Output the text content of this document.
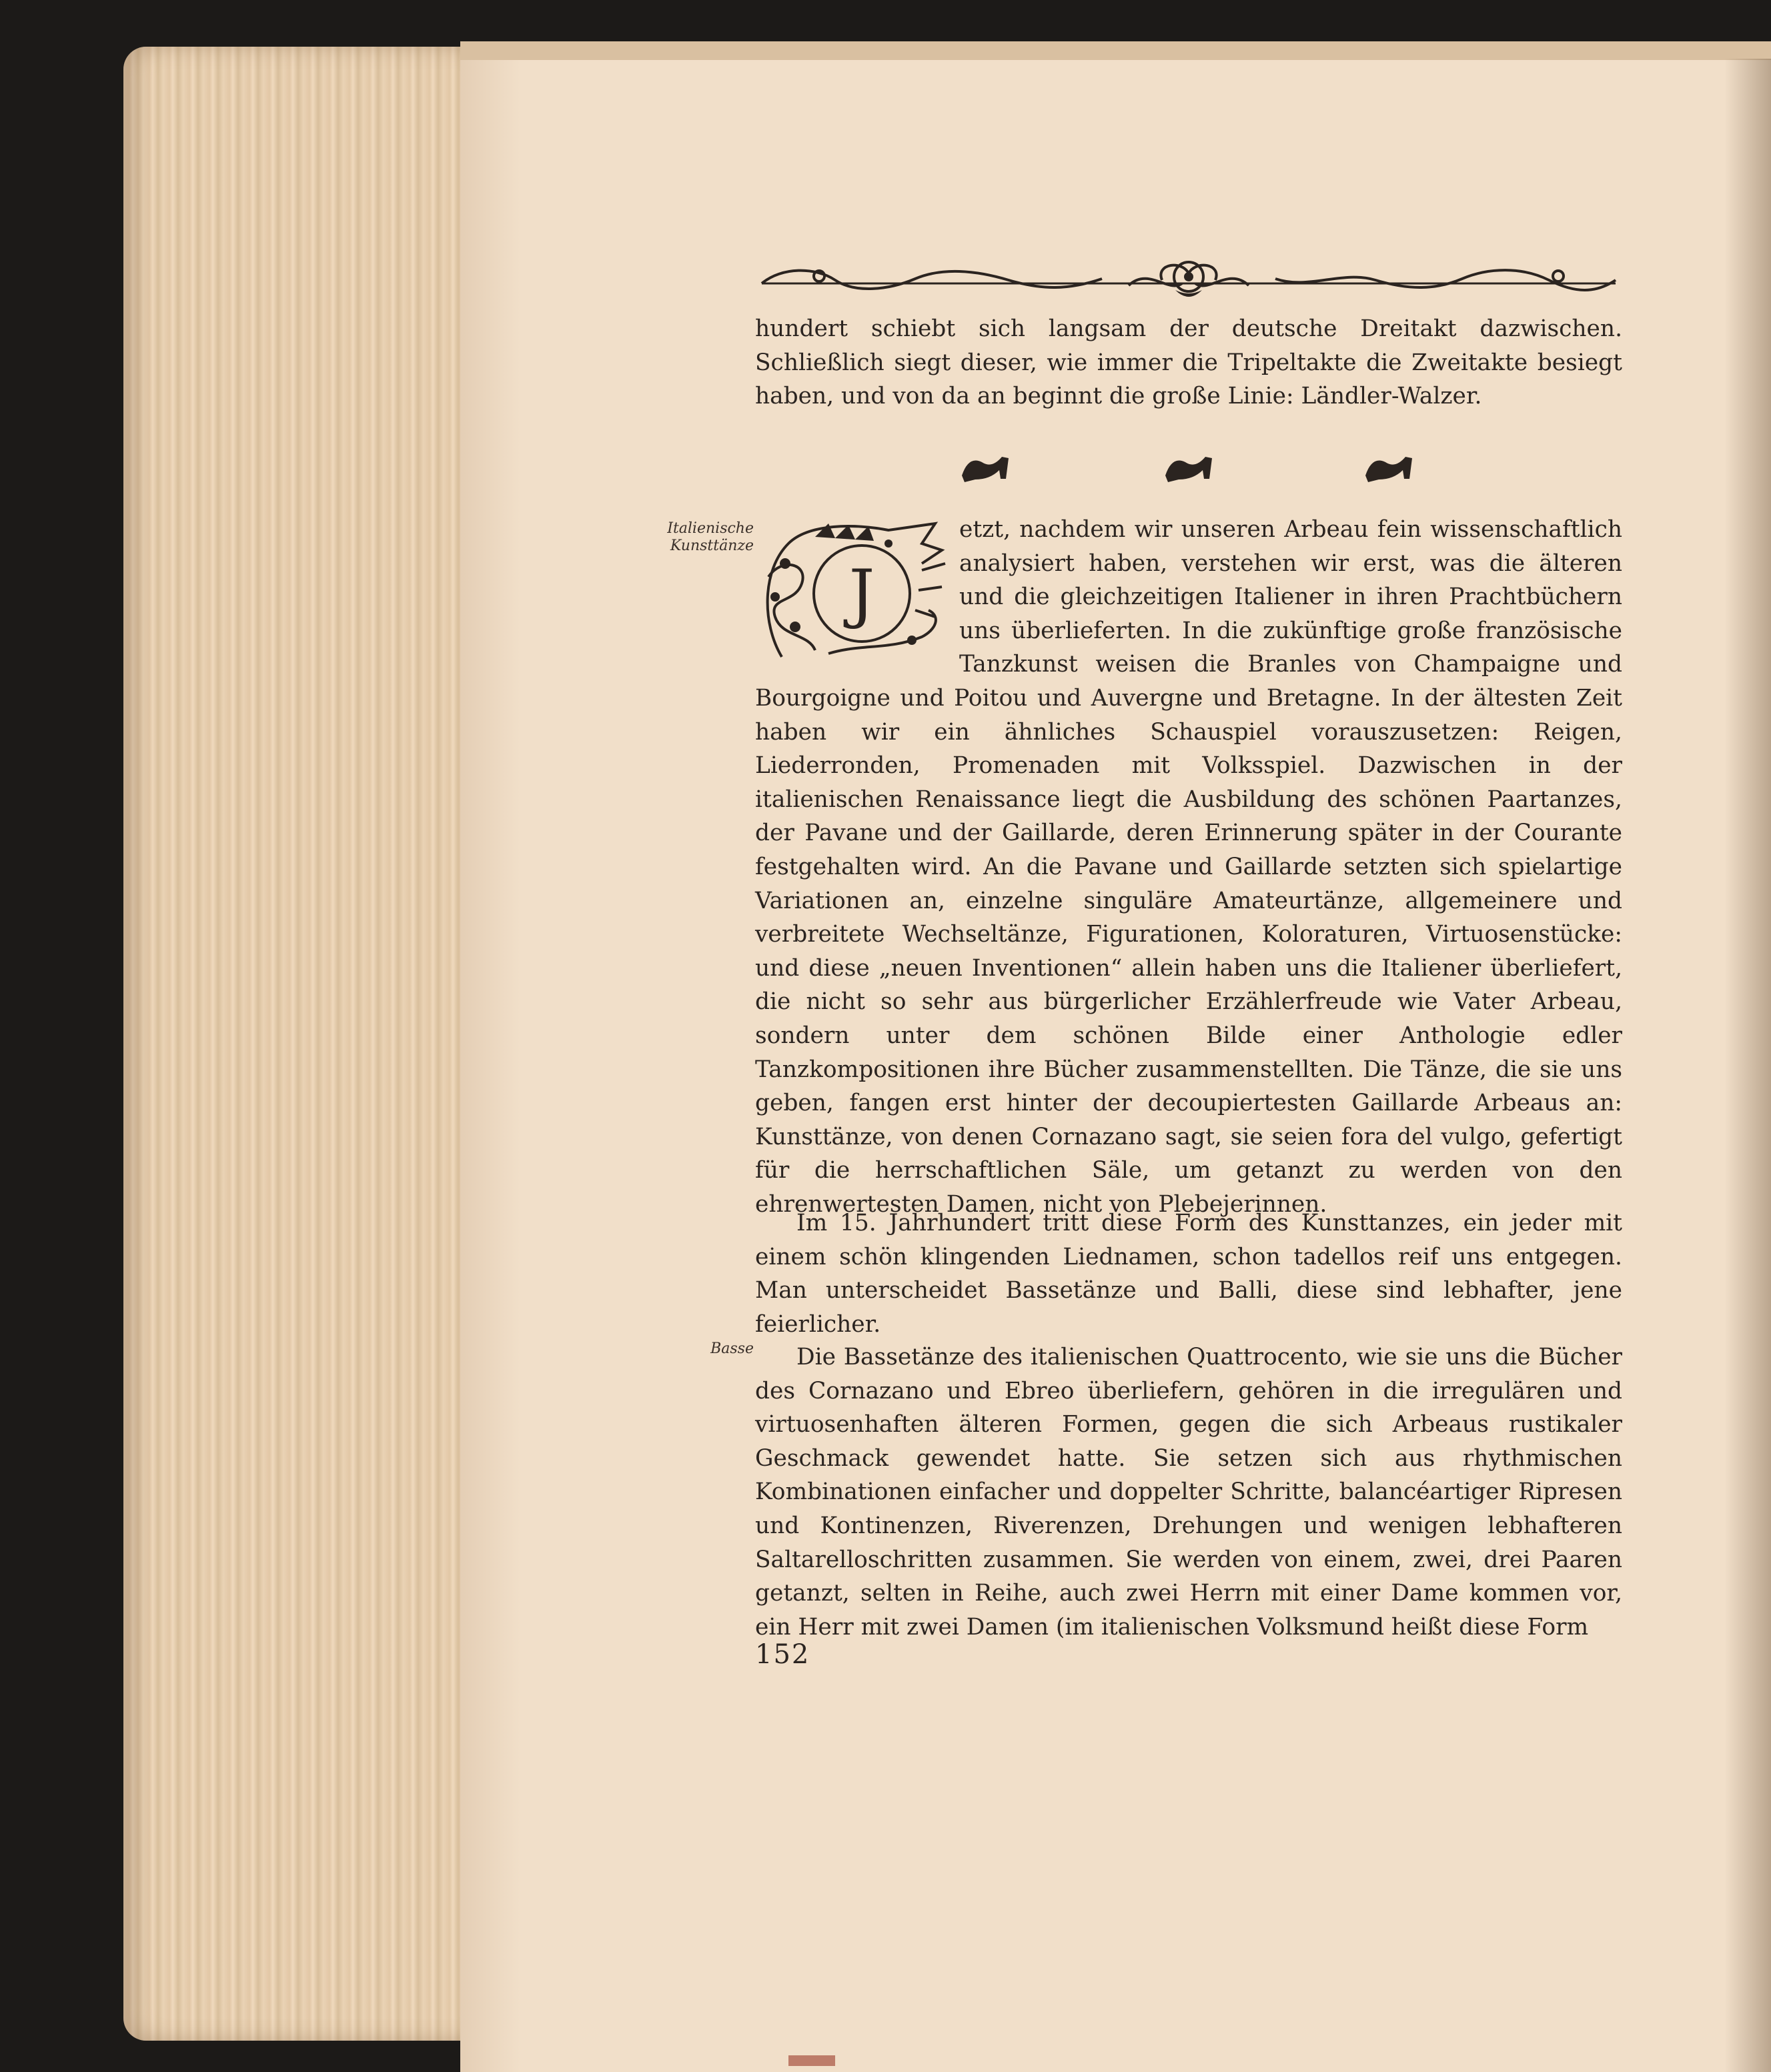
hundert schiebt sich langsam der deutsche Dreitakt dazwischen. Schließlich siegt dieser, wie immer die Tripeltakte die Zweitakte besiegt haben, und von da an beginnt die große Linie: Ländler-Walzer.

Italienische Kunsttänze
J

etzt, nachdem wir unseren Arbeau fein wissenschaftlich analysiert haben, verstehen wir erst, was die älteren und die gleichzeitigen Italiener in ihren Prachtbüchern uns überlieferten. In die zukünftige große französische Tanzkunst weisen die Branles von Champaigne und Bourgoigne und Poitou und Auvergne und Bretagne. In der ältesten Zeit haben wir ein ähnliches Schauspiel vorauszusetzen: Reigen, Liederronden, Promenaden mit Volksspiel. Dazwischen in der italienischen Renaissance liegt die Ausbildung des schönen Paartanzes, der Pavane und der Gaillarde, deren Erinnerung später in der Courante festgehalten wird. An die Pavane und Gaillarde setzten sich spielartige Variationen an, einzelne singuläre Amateurtänze, allgemeinere und verbreitete Wechseltänze, Figurationen, Koloraturen, Virtuosenstücke: und diese „neuen Inventionen“ allein haben uns die Italiener überliefert, die nicht so sehr aus bürgerlicher Erzählerfreude wie Vater Arbeau, sondern unter dem schönen Bilde einer Anthologie edler Tanzkompositionen ihre Bücher zusammenstellten. Die Tänze, die sie uns geben, fangen erst hinter der decoupiertesten Gaillarde Arbeaus an: Kunsttänze, von denen Cornazano sagt, sie seien fora del vulgo, gefertigt für die herrschaftlichen Säle, um getanzt zu werden von den ehrenwertesten Damen, nicht von Plebejerinnen.

Im 15. Jahrhundert tritt diese Form des Kunsttanzes, ein jeder mit einem schön klingenden Liednamen, schon tadellos reif uns entgegen. Man unterscheidet Bassetänze und Balli, diese sind lebhafter, jene feierlicher.

Basse	Die Bassetänze des italienischen Quattrocento, wie sie uns die Bücher des Cornazano und Ebreo überliefern, gehören in die irregulären und virtuosenhaften älteren Formen, gegen die sich Arbeaus rustikaler Geschmack gewendet hatte. Sie setzen sich aus rhythmischen Kombinationen einfacher und doppelter Schritte, balancéartiger Ripresen und Kontinenzen, Riverenzen, Drehungen und wenigen lebhafteren Saltarelloschritten zusammen. Sie werden von einem, zwei, drei Paaren getanzt, selten in Reihe, auch zwei Herrn mit einer Dame kommen vor, ein Herr mit zwei Damen (im italienischen Volksmund heißt diese Form

152
